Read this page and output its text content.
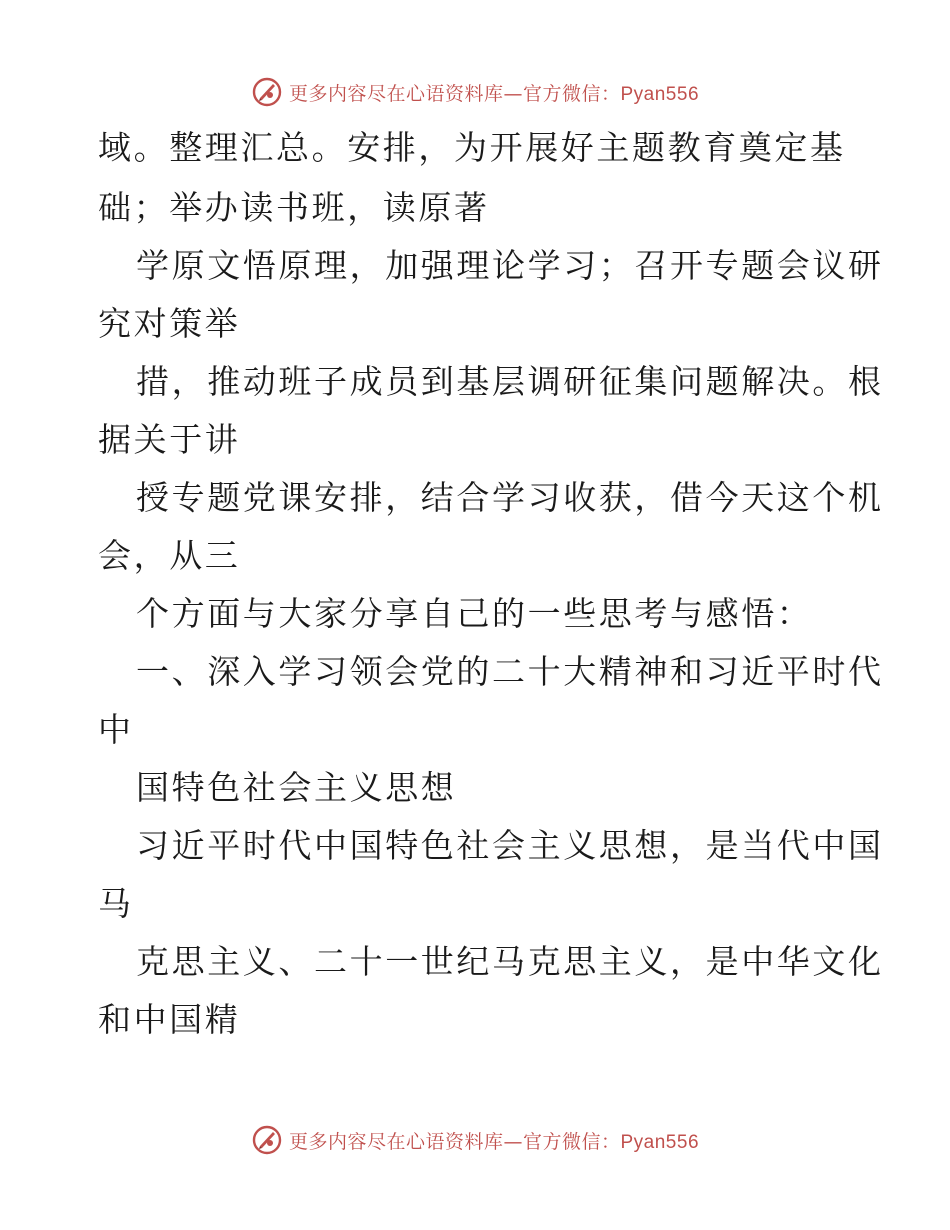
更多内容尽在心语资料库—官方微信：Pyan556
域。整理汇总。安排，为开展好主题教育奠定基
础；举办读书班，读原著
学原文悟原理，加强理论学习；召开专题会议研
究对策举
措，推动班子成员到基层调研征集问题解决。根
据关于讲
授专题党课安排，结合学习收获，借今天这个机
会，从三
个方面与大家分享自己的一些思考与感悟：
一、深入学习领会党的二十大精神和习近平时代
中
国特色社会主义思想
习近平时代中国特色社会主义思想，是当代中国
马
克思主义、二十一世纪马克思主义，是中华文化
和中国精
更多内容尽在心语资料库—官方微信：Pyan556
